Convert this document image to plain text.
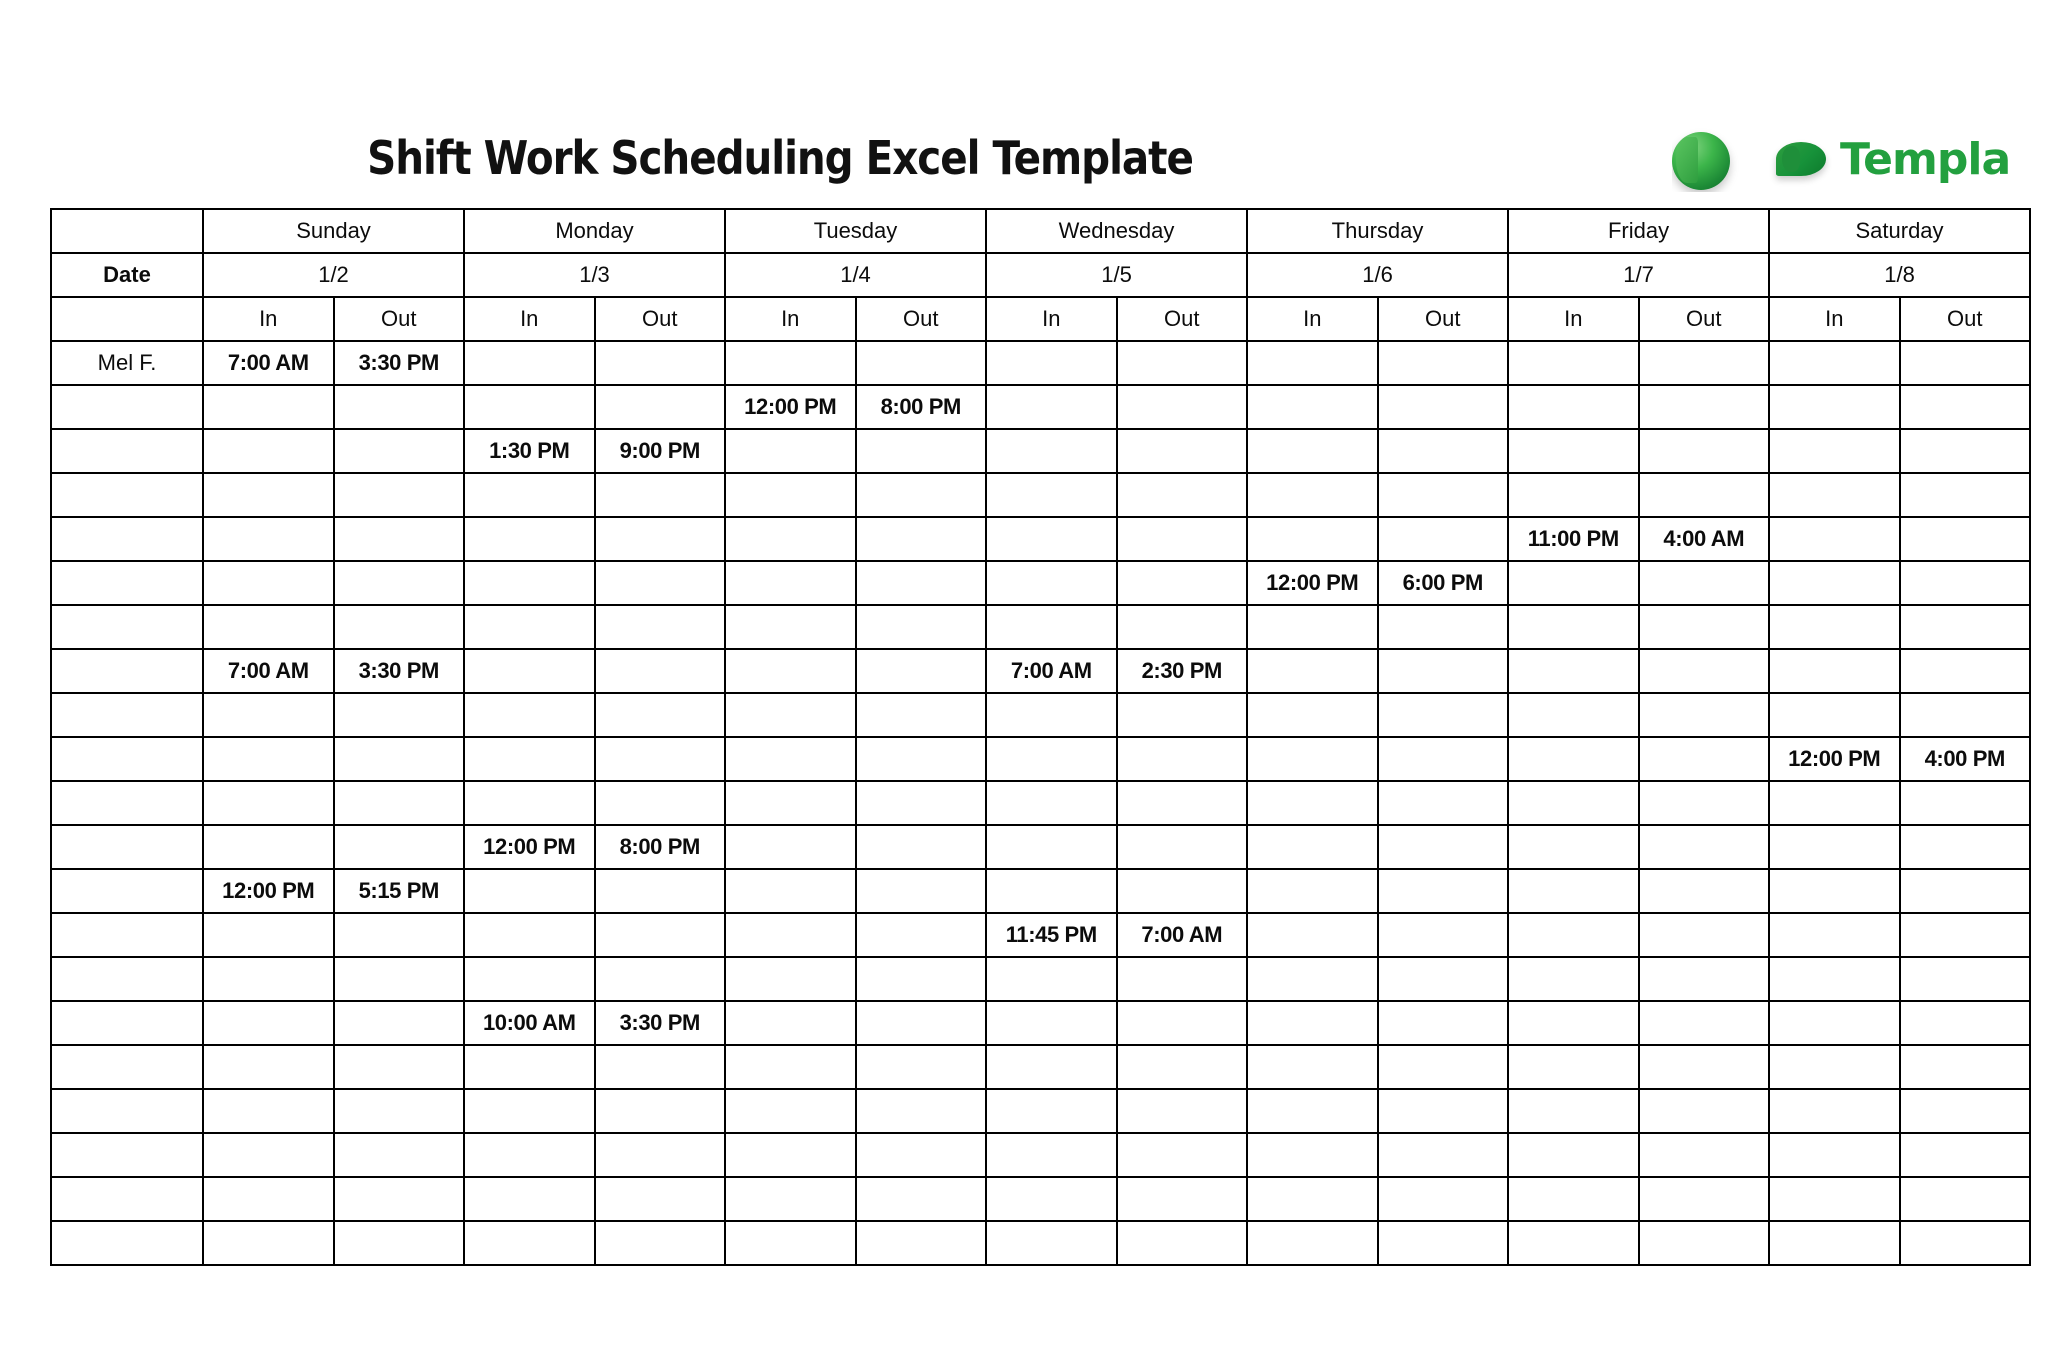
Shift Work Scheduling Excel Template	Templa
	Sunday		Monday		Tuesday		Wednesday		Thursday		Friday		Saturday	
Date	1/2		1/3		1/4		1/5		1/6		1/7		1/8	
	In	Out	In	Out	In	Out	In	Out	In	Out	In	Out	In	Out
Mel F.	7:00 AM	3:30 PM												
					12:00 PM	8:00 PM								
			1:30 PM	9:00 PM										

											11:00 PM	4:00 AM		
									12:00 PM	6:00 PM				

	7:00 AM	3:30 PM					7:00 AM	2:30 PM						

													12:00 PM	4:00 PM

			12:00 PM	8:00 PM										
	12:00 PM	5:15 PM												
							11:45 PM	7:00 AM						

			10:00 AM	3:30 PM										
